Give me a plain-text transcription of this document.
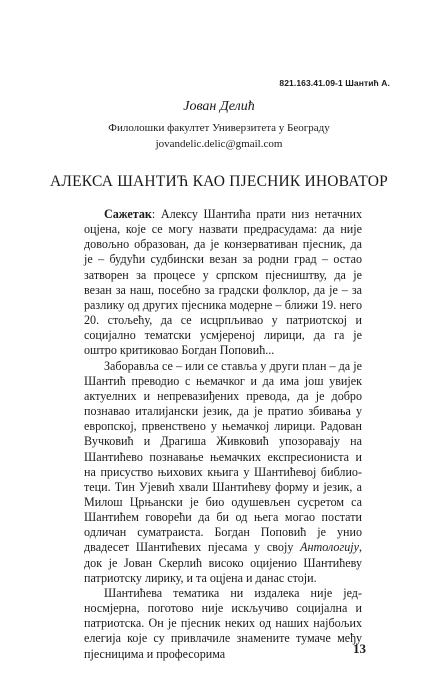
821.163.41.09-1 Шантић А.
Јован Делић
Филолошки факултет Универзитета у Београду
jovandelic.delic@gmail.com
АЛЕКСА ШАНТИЋ КАО ПЈЕСНИК ИНОВАТОР

Сажетак: Алексу Шантића прати низ нетачних оцјена, које се могу назвати предрасудама: да није довољно образован, да је конзервативан пјесник, да је – будући судбински везан за родни град – остао затворен за процесе у српском пјесништву, да је везан за наш, посебно за градски фолклор, да је – за разлику од других пјесника модерне – ближи 19. него 20. стољећу, да се исцрпљивао у патриотској и социјално тематски усмјереној лирици, да га је оштро критиковао Богдан Поповић...

Заборавља се – или се ставља у други план – да је Шантић преводио с њемачког и да има још увијек актуелних и непревазиђених превода, да је добро познавао италијански језик, да је пратио збивања у европској, првенствено у њемачкој лирици. Радован Вучковић и Драгиша Живковић упозоравају на Шантићево познавање њемачких експресиониста и на присуство њихових књига у Шантићевој библиотеци. Тин Ујевић хвали Шантићеву форму и језик, а Милош Црњански је био одушевљен сусретом са Шантићем говорећи да би од њега могао постати одличан суматраиста. Богдан Поповић је унио двадесет Шантићевих пјесама у своју Антологију, док је Јован Скерлић високо оцијенио Шантићеву патриотску лирику, и та оцјена и данас стоји.

Шантићева тематика ни издалека није једносмјерна, поготово није искључиво социјална и патриотска. Он је пјесник неких од наших најбољих елегија које су привлачиле знамените тумаче међу пјесницима и професорима	13
